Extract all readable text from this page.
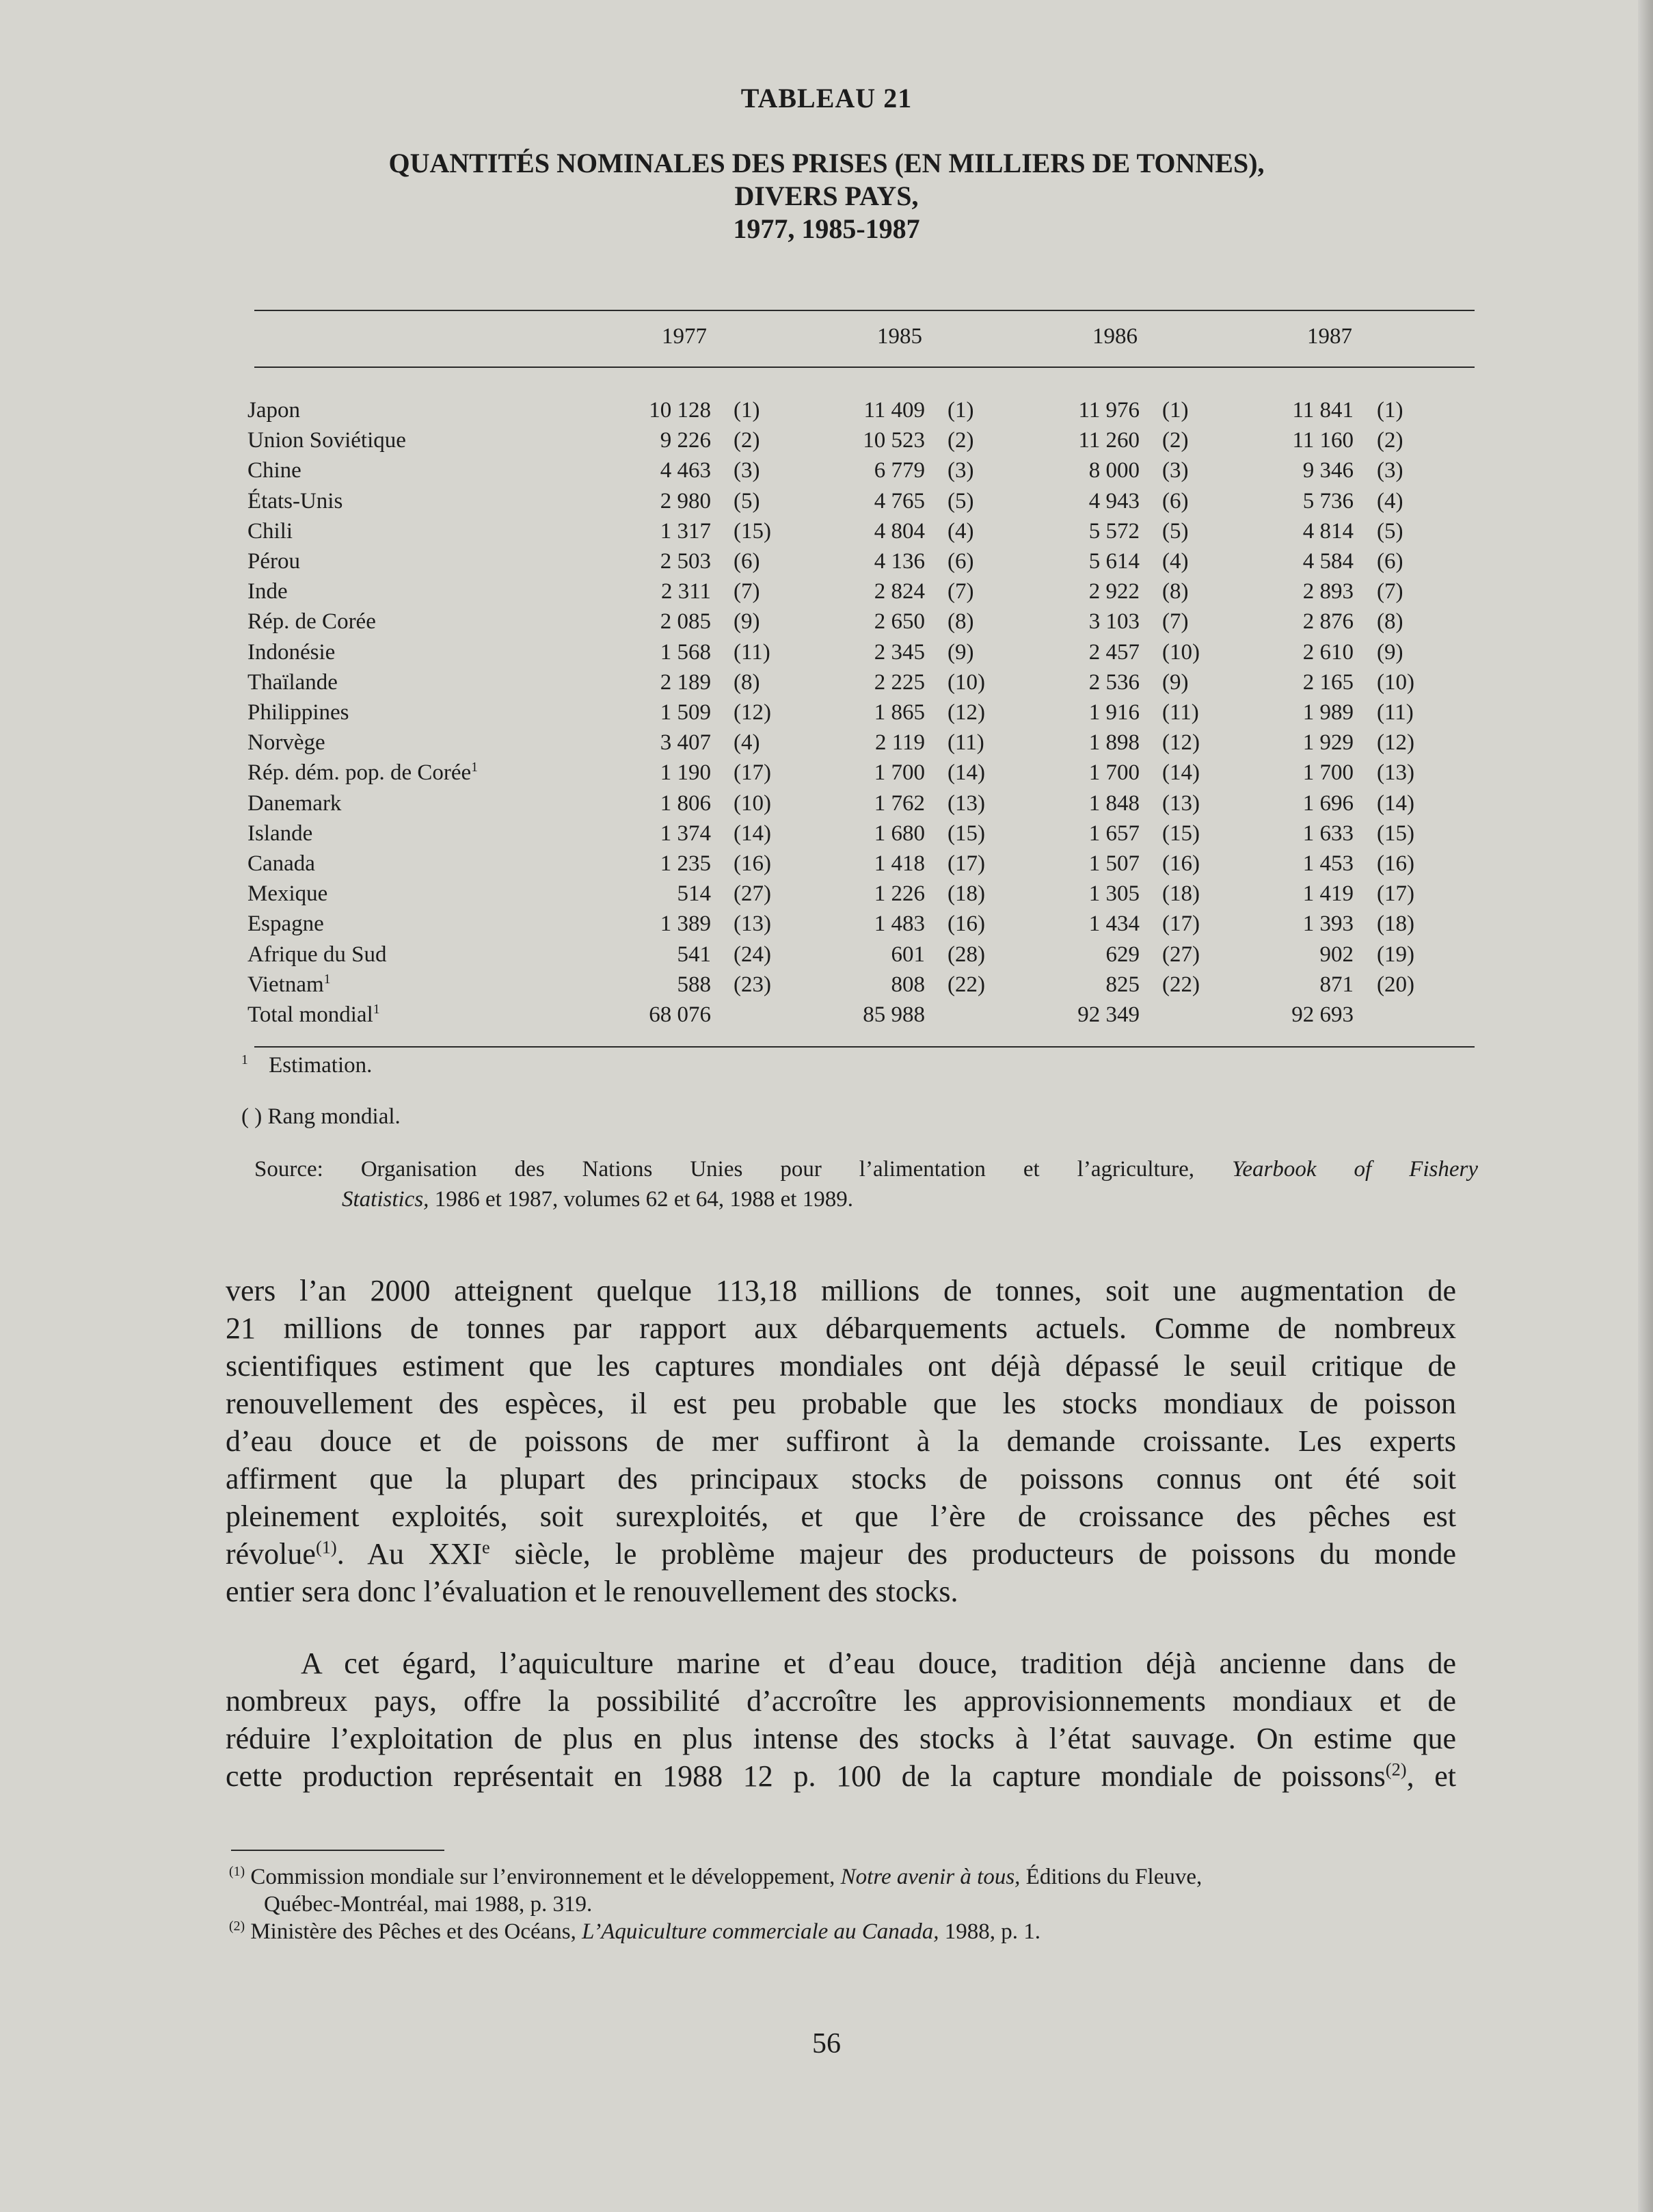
TABLEAU 21
QUANTITÉS NOMINALES DES PRISES (EN MILLIERS DE TONNES),
DIVERS PAYS,
1977, 1985-1987
1977	1985	1986	1987
Japon	10 128 (1)	11 409 (1)	11 976 (1)	11 841 (1)
Union Soviétique	9 226 (2)	10 523 (2)	11 260 (2)	11 160 (2)
Chine	4 463 (3)	6 779 (3)	8 000 (3)	9 346 (3)
États-Unis	2 980 (5)	4 765 (5)	4 943 (6)	5 736 (4)
Chili	1 317 (15)	4 804 (4)	5 572 (5)	4 814 (5)
Pérou	2 503 (6)	4 136 (6)	5 614 (4)	4 584 (6)
Inde	2 311 (7)	2 824 (7)	2 922 (8)	2 893 (7)
Rép. de Corée	2 085 (9)	2 650 (8)	3 103 (7)	2 876 (8)
Indonésie	1 568 (11)	2 345 (9)	2 457 (10)	2 610 (9)
Thaïlande	2 189 (8)	2 225 (10)	2 536 (9)	2 165 (10)
Philippines	1 509 (12)	1 865 (12)	1 916 (11)	1 989 (11)
Norvège	3 407 (4)	2 119 (11)	1 898 (12)	1 929 (12)
Rép. dém. pop. de Corée$^1$	1 190 (17)	1 700 (14)	1 700 (14)	1 700 (13)
Danemark	1 806 (10)	1 762 (13)	1 848 (13)	1 696 (14)
Islande	1 374 (14)	1 680 (15)	1 657 (15)	1 633 (15)
Canada	1 235 (16)	1 418 (17)	1 507 (16)	1 453 (16)
Mexique	514 (27)	1 226 (18)	1 305 (18)	1 419 (17)
Espagne	1 389 (13)	1 483 (16)	1 434 (17)	1 393 (18)
Afrique du Sud	541 (24)	601 (28)	629 (27)	902 (19)
Vietnam$^1$	588 (23)	808 (22)	825 (22)	871 (20)
Total mondial$^1$	68 076	85 988	92 349	92 693
$^1$ Estimation.
( ) Rang mondial.
Source: Organisation des Nations Unies pour l’alimentation et l’agriculture, Yearbook of Fishery
Statistics, 1986 et 1987, volumes 62 et 64, 1988 et 1989.
vers l’an 2000 atteignent quelque 113,18 millions de tonnes, soit une augmentation de
21 millions de tonnes par rapport aux débarquements actuels. Comme de nombreux
scientifiques estiment que les captures mondiales ont déjà dépassé le seuil critique de
renouvellement des espèces, il est peu probable que les stocks mondiaux de poisson
d’eau douce et de poissons de mer suffiront à la demande croissante. Les experts
affirment que la plupart des principaux stocks de poissons connus ont été soit
pleinement exploités, soit surexploités, et que l’ère de croissance des pêches est
révolue$^{(1)}$. Au XXIe siècle, le problème majeur des producteurs de poissons du monde
entier sera donc l’évaluation et le renouvellement des stocks.
A cet égard, l’aquiculture marine et d’eau douce, tradition déjà ancienne dans de
nombreux pays, offre la possibilité d’accroître les approvisionnements mondiaux et de
réduire l’exploitation de plus en plus intense des stocks à l’état sauvage. On estime que
cette production représentait en 1988 12 p. 100 de la capture mondiale de poissons$^{(2)}$, et
$^{(1)}$ Commission mondiale sur l’environnement et le développement, Notre avenir à tous, Éditions du Fleuve,
Québec-Montréal, mai 1988, p. 319.
$^{(2)}$ Ministère des Pêches et des Océans, L’Aquiculture commerciale au Canada, 1988, p. 1.
56
